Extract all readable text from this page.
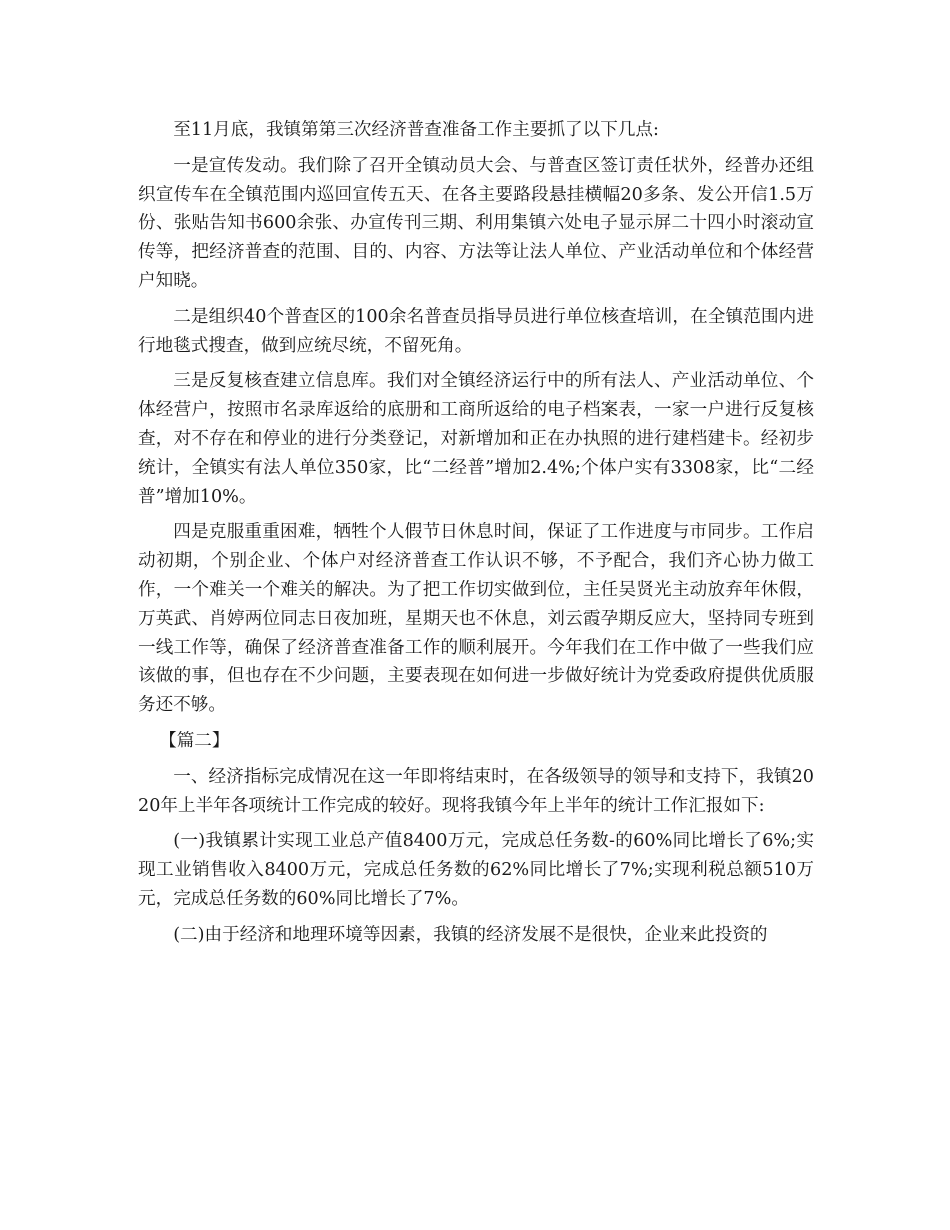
至11月底，我镇第第三次经济普查准备工作主要抓了以下几点:

一是宣传发动。我们除了召开全镇动员大会、与普查区签订责任状外，经普办还组织宣传车在全镇范围内巡回宣传五天、在各主要路段悬挂横幅20多条、发公开信1.5万份、张贴告知书600余张、办宣传刊三期、利用集镇六处电子显示屏二十四小时滚动宣传等，把经济普查的范围、目的、内容、方法等让法人单位、产业活动单位和个体经营户知晓。

二是组织40个普查区的100余名普查员指导员进行单位核查培训，在全镇范围内进行地毯式搜查，做到应统尽统，不留死角。

三是反复核查建立信息库。我们对全镇经济运行中的所有法人、产业活动单位、个体经营户，按照市名录库返给的底册和工商所返给的电子档案表，一家一户进行反复核查，对不存在和停业的进行分类登记，对新增加和正在办执照的进行建档建卡。经初步统计，全镇实有法人单位350家，比“二经普”增加2.4%;个体户实有3308家，比“二经普”增加10%。

四是克服重重困难，牺牲个人假节日休息时间，保证了工作进度与市同步。工作启动初期，个别企业、个体户对经济普查工作认识不够，不予配合，我们齐心协力做工作，一个难关一个难关的解决。为了把工作切实做到位，主任吴贤光主动放弃年休假，万英武、肖婷两位同志日夜加班，星期天也不休息，刘云霞孕期反应大，坚持同专班到一线工作等，确保了经济普查准备工作的顺利展开。今年我们在工作中做了一些我们应该做的事，但也存在不少问题，主要表现在如何进一步做好统计为党委政府提供优质服务还不够。

【篇二】

一、经济指标完成情况在这一年即将结束时，在各级领导的领导和支持下，我镇2020年上半年各项统计工作完成的较好。现将我镇今年上半年的统计工作汇报如下:

(一)我镇累计实现工业总产值8400万元，完成总任务数-的60%同比增长了6%;实现工业销售收入8400万元，完成总任务数的62%同比增长了7%;实现利税总额510万元，完成总任务数的60%同比增长了7%。

(二)由于经济和地理环境等因素，我镇的经济发展不是很快，企业来此投资的
